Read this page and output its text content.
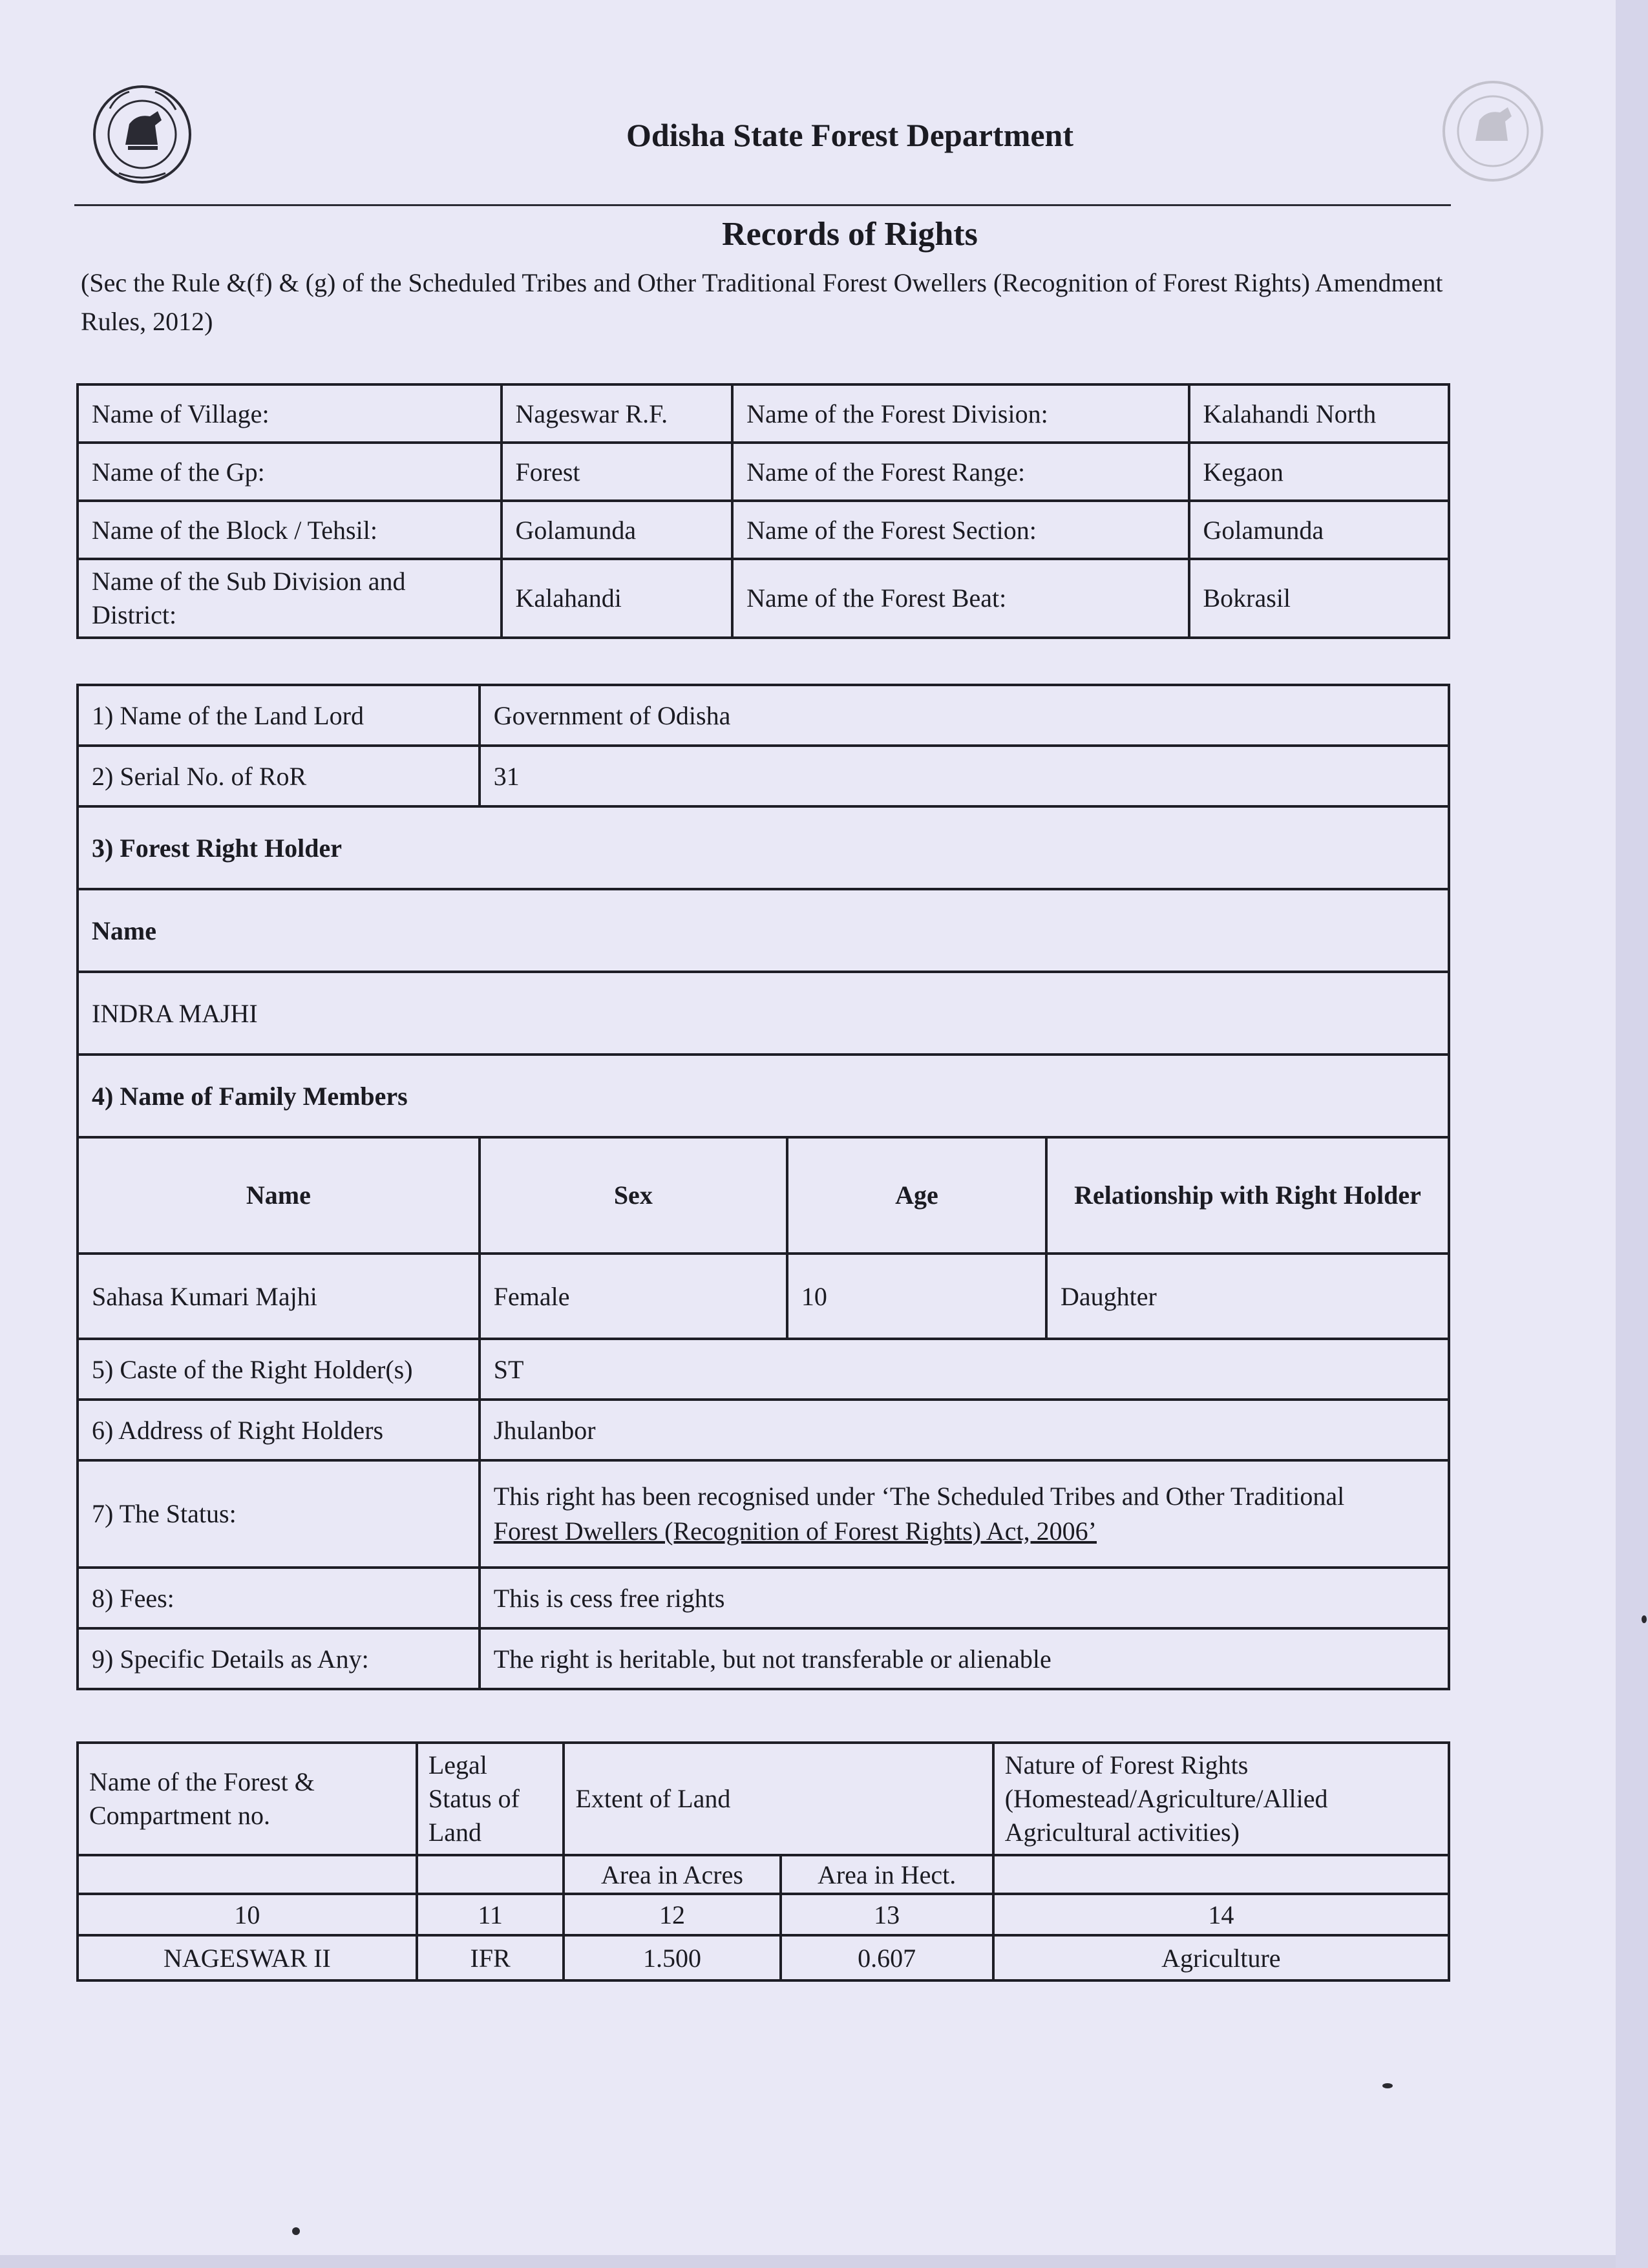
Odisha State Forest Department
Records of Rights
(Sec the Rule &(f) & (g) of the Scheduled Tribes and Other Traditional Forest Owellers (Recognition of Forest Rights) Amendment Rules, 2012)
Name of Village:	Nageswar R.F.	Name of the Forest Division:	Kalahandi North
Name of the Gp:	Forest	Name of the Forest Range:	Kegaon
Name of the Block / Tehsil:	Golamunda	Name of the Forest Section:	Golamunda
Name of the Sub Division and District:	Kalahandi	Name of the Forest Beat:	Bokrasil
1) Name of the Land Lord	Government of Odisha		
2) Serial No. of RoR	31		
3) Forest Right Holder			
Name			
INDRA MAJHI			
4) Name of Family Members			
Name	Sex	Age	Relationship with Right Holder
Sahasa Kumari Majhi	Female	10	Daughter
5) Caste of the Right Holder(s)	ST		
6) Address of Right Holders	Jhulanbor		
7) The Status:	This right has been recognised under ‘The Scheduled Tribes and Other Traditional
Forest Dwellers (Recognition of Forest Rights) Act, 2006’		

8) Fees:	This is cess free rights		
9) Specific Details as Any:	The right is heritable, but not transferable or alienable		
Name of the Forest & Compartment no.	Legal Status of Land	Extent of Land		Nature of Forest Rights (Homestead/Agriculture/Allied Agricultural activities)
		Area in Acres	Area in Hect.	
10	11	12	13	14
NAGESWAR II	IFR	1.500	0.607	Agriculture
